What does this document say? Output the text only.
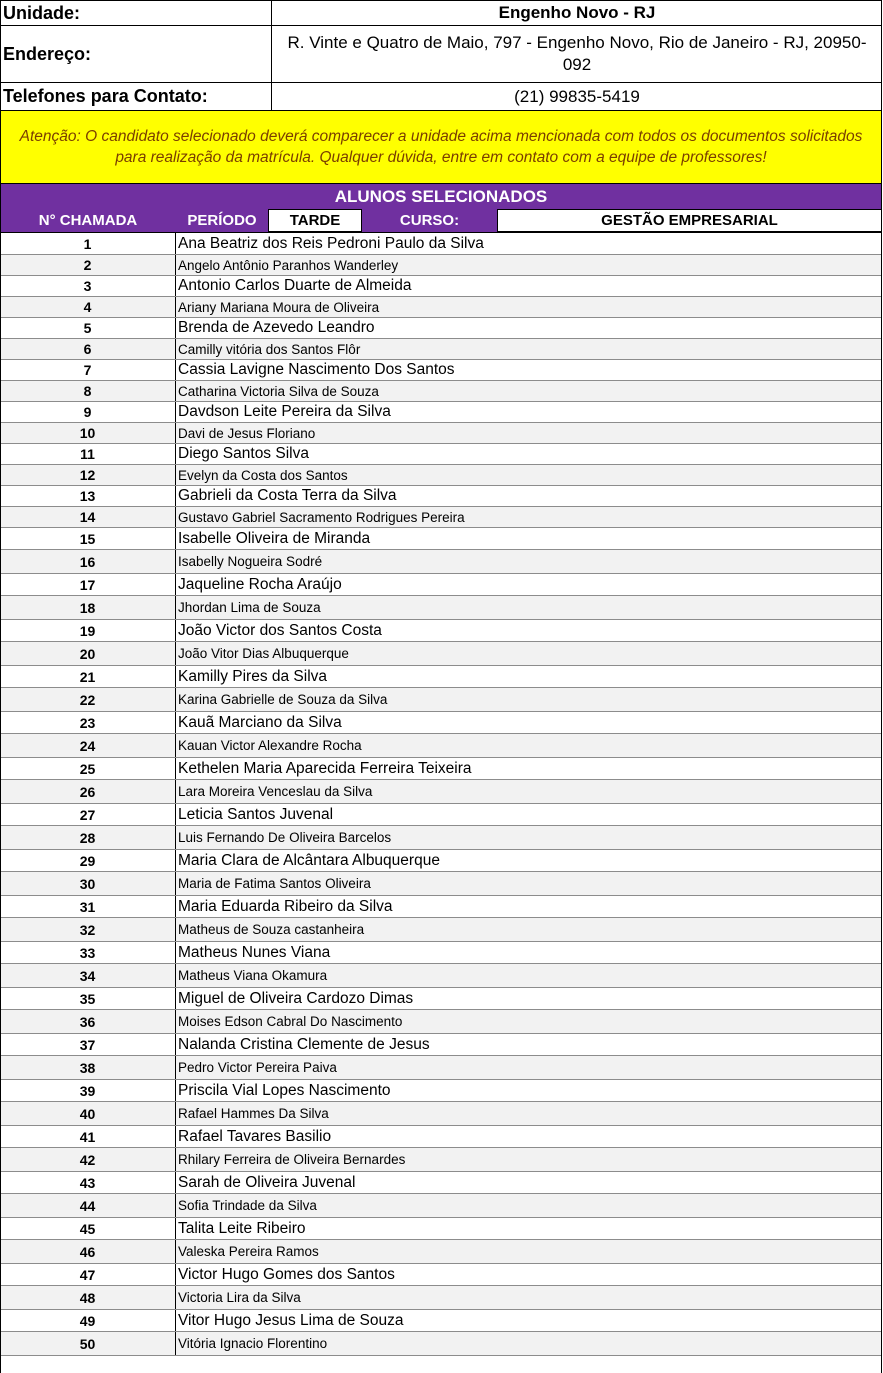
Unidade:	Engenho Novo - RJ
Endereço:
R. Vinte e Quatro de Maio, 797 - Engenho Novo, Rio de Janeiro - RJ, 20950-092
Telefones para Contato:	(21) 99835-5419
Atenção: O candidato selecionado deverá comparecer a unidade acima mencionada com todos os documentos solicitados para realização da matrícula. Qualquer dúvida, entre em contato com a equipe de professores!
ALUNOS SELECIONADOS
N° CHAMADA	PERÍODO	TARDE	CURSO:	GESTÃO EMPRESARIAL
1	Ana Beatriz dos Reis Pedroni Paulo da Silva
2	Angelo Antônio Paranhos Wanderley
3	Antonio Carlos Duarte de Almeida
4	Ariany Mariana Moura de Oliveira
5	Brenda de Azevedo Leandro
6	Camilly vitória dos Santos Flôr
7	Cassia Lavigne Nascimento Dos Santos
8	Catharina Victoria Silva de Souza
9	Davdson Leite Pereira da Silva
10	Davi de Jesus Floriano
11	Diego Santos Silva
12	Evelyn da Costa dos Santos
13	Gabrieli da Costa Terra da Silva
14	Gustavo Gabriel Sacramento Rodrigues Pereira
15	Isabelle Oliveira de Miranda
16	Isabelly Nogueira Sodré
17	Jaqueline Rocha Araújo
18	Jhordan Lima de Souza
19	João Victor dos Santos Costa
20	João Vitor Dias Albuquerque
21	Kamilly Pires da Silva
22	Karina Gabrielle de Souza da Silva
23	Kauã Marciano da Silva
24	Kauan Victor Alexandre Rocha
25	Kethelen Maria Aparecida Ferreira Teixeira
26	Lara Moreira Venceslau da Silva
27	Leticia Santos Juvenal
28	Luis Fernando De Oliveira Barcelos
29	Maria Clara de Alcântara Albuquerque
30	Maria de Fatima Santos Oliveira
31	Maria Eduarda Ribeiro da Silva
32	Matheus de Souza castanheira
33	Matheus Nunes Viana
34	Matheus Viana Okamura
35	Miguel de Oliveira Cardozo Dimas
36	Moises Edson Cabral Do Nascimento
37	Nalanda Cristina Clemente de Jesus
38	Pedro Victor Pereira Paiva
39	Priscila Vial Lopes Nascimento
40	Rafael Hammes Da Silva
41	Rafael Tavares Basilio
42	Rhilary Ferreira de Oliveira Bernardes
43	Sarah de Oliveira Juvenal
44	Sofia Trindade da Silva
45	Talita Leite Ribeiro
46	Valeska Pereira Ramos
47	Victor Hugo Gomes dos Santos
48	Victoria Lira da Silva
49	Vitor Hugo Jesus Lima de Souza
50	Vitória Ignacio Florentino
